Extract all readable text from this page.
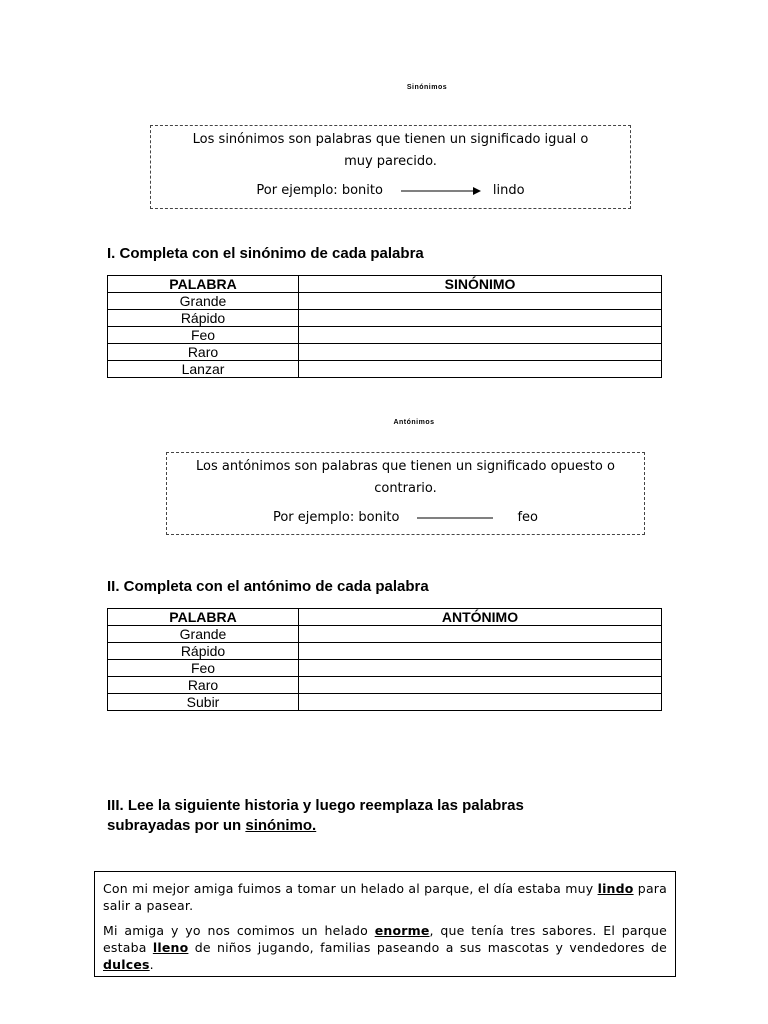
Sinónimos
Los sinónimos son palabras que tienen un significado igual o
muy parecido.
Por ejemplo: bonito	lindo
I. Completa con el sinónimo de cada palabra
PALABRA	SINÓNIMO
Grande	
Rápido	
Feo	
Raro	
Lanzar	
Antónimos
Los antónimos son palabras que tienen un significado opuesto o
contrario.
Por ejemplo: bonito	feo
II. Completa con el antónimo de cada palabra
PALABRA	ANTÓNIMO
Grande	
Rápido	
Feo	
Raro	
Subir	
III. Lee la siguiente historia y luego reemplaza las palabras
subrayadas por un sinónimo.

Con mi mejor amiga fuimos a tomar un helado al parque, el día estaba muy lindo para salir a pasear.

Mi amiga y yo nos comimos un helado enorme, que tenía tres sabores. El parque estaba lleno de niños jugando, familias paseando a sus mascotas y vendedores de dulces.
